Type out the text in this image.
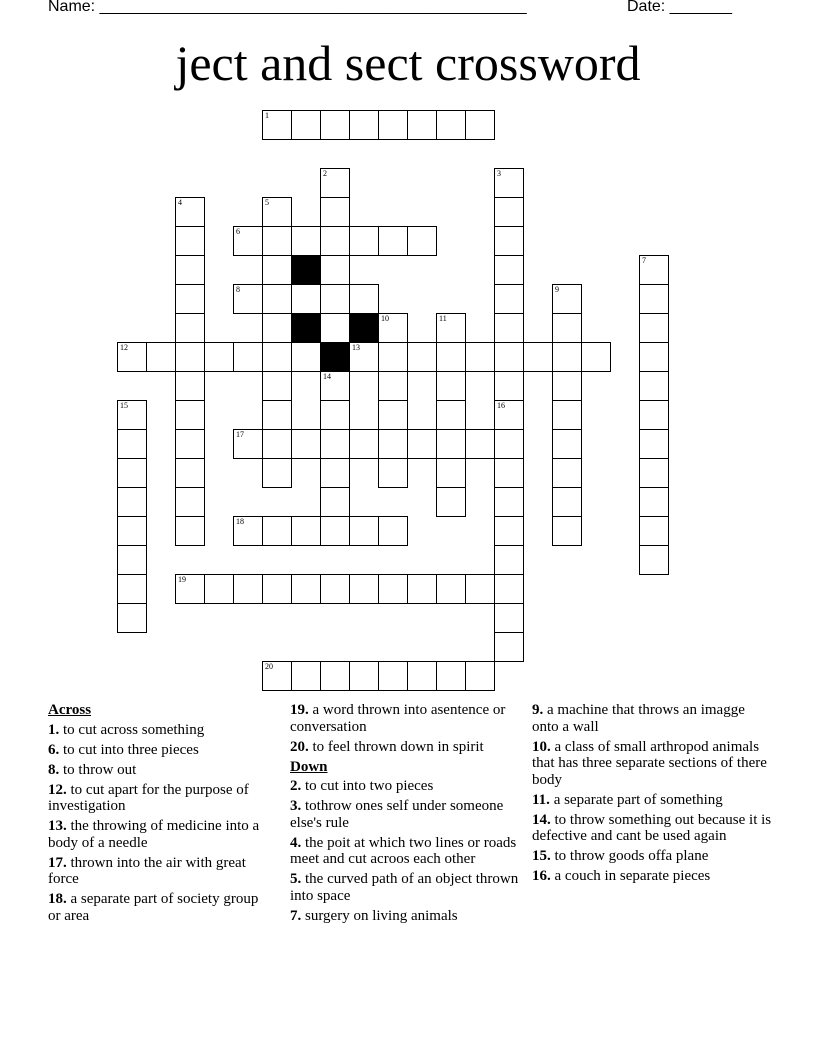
Name: ________________________________________________	Date: _______
ject and sect crossword
1
6
8
12	13
17
18
19
20
2
14
3
16
4	5
7
9
10	11
15
Across
1. to cut across something
6. to cut into three pieces
8. to throw out
12. to cut apart for the purpose of investigation
13. the throwing of medicine into a body of a needle
17. thrown into the air with great force
18. a separate part of society group or area
19. a word thrown into asentence or conversation
20. to feel thrown down in spirit
Down
2. to cut into two pieces
3. tothrow ones self under someone else's rule
4. the poit at which two lines or roads meet and cut acroos each other
5. the curved path of an object thrown into space
7. surgery on living animals
9. a machine that throws an imagge onto a wall
10. a class of small arthropod animals that has three separate sections of there body
11. a separate part of something
14. to throw something out because it is defective and cant be used again
15. to throw goods offa plane
16. a couch in separate pieces
